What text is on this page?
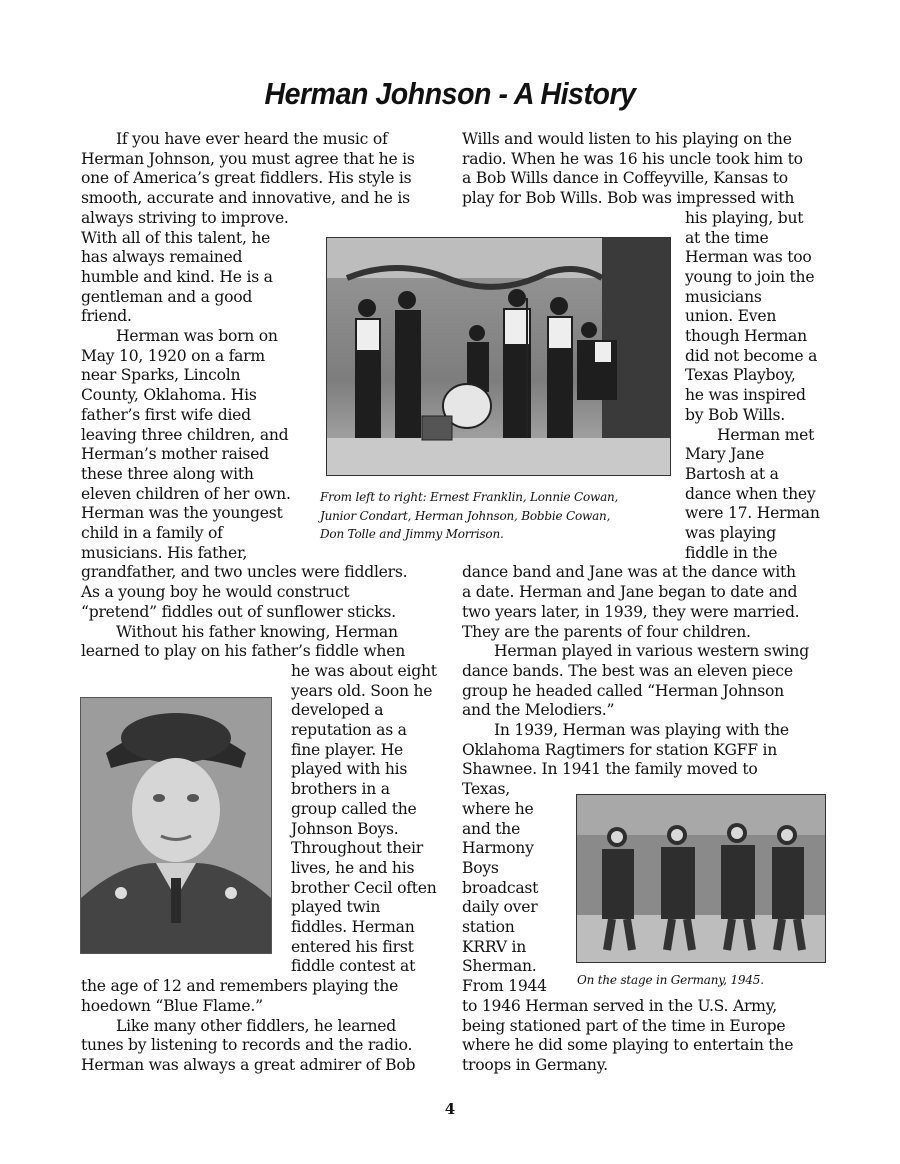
Herman Johnson - A History

If you have ever heard the music of

Herman Johnson, you must agree that he is

one of America’s great fiddlers. His style is

smooth, accurate and innovative, and he is

always striving to improve.

With all of this talent, he

has always remained

humble and kind. He is a

gentleman and a good

friend.

Herman was born on

May 10, 1920 on a farm

near Sparks, Lincoln

County, Oklahoma. His

father’s first wife died

leaving three children, and

Herman’s mother raised

these three along with

eleven children of her own.

Herman was the youngest

child in a family of

musicians. His father,

grandfather, and two uncles were fiddlers.

As a young boy he would construct

“pretend” fiddles out of sunflower sticks.

Without his father knowing, Herman

learned to play on his father’s fiddle when

he was about eight

years old. Soon he

developed a

reputation as a

fine player. He

played with his

brothers in a

group called the

Johnson Boys.

Throughout their

lives, he and his

brother Cecil often

played twin

fiddles. Herman

entered his first

fiddle contest at

the age of 12 and remembers playing the

hoedown “Blue Flame.”

Like many other fiddlers, he learned

tunes by listening to records and the radio.

Herman was always a great admirer of Bob

Wills and would listen to his playing on the

radio. When he was 16 his uncle took him to

a Bob Wills dance in Coffeyville, Kansas to

play for Bob Wills. Bob was impressed with

his playing, but

at the time

Herman was too

young to join the

musicians

union. Even

though Herman

did not become a

Texas Playboy,

he was inspired

by Bob Wills.

Herman met

Mary Jane

Bartosh at a

dance when they

were 17. Herman

was playing

fiddle in the

dance band and Jane was at the dance with

a date. Herman and Jane began to date and

two years later, in 1939, they were married.

They are the parents of four children.

Herman played in various western swing

dance bands. The best was an eleven piece

group he headed called “Herman Johnson

and the Melodiers.”

In 1939, Herman was playing with the

Oklahoma Ragtimers for station KGFF in

Shawnee. In 1941 the family moved to

Texas,

where he

and the

Harmony

Boys

broadcast

daily over

station

KRRV in

Sherman.

From 1944

to 1946 Herman served in the U.S. Army,

being stationed part of the time in Europe

where he did some playing to entertain the

troops in Germany.

From left to right: Ernest Franklin, Lonnie Cowan,

Junior Condart, Herman Johnson, Bobbie Cowan,

Don Tolle and Jimmy Morrison.

On the stage in Germany, 1945.

4
